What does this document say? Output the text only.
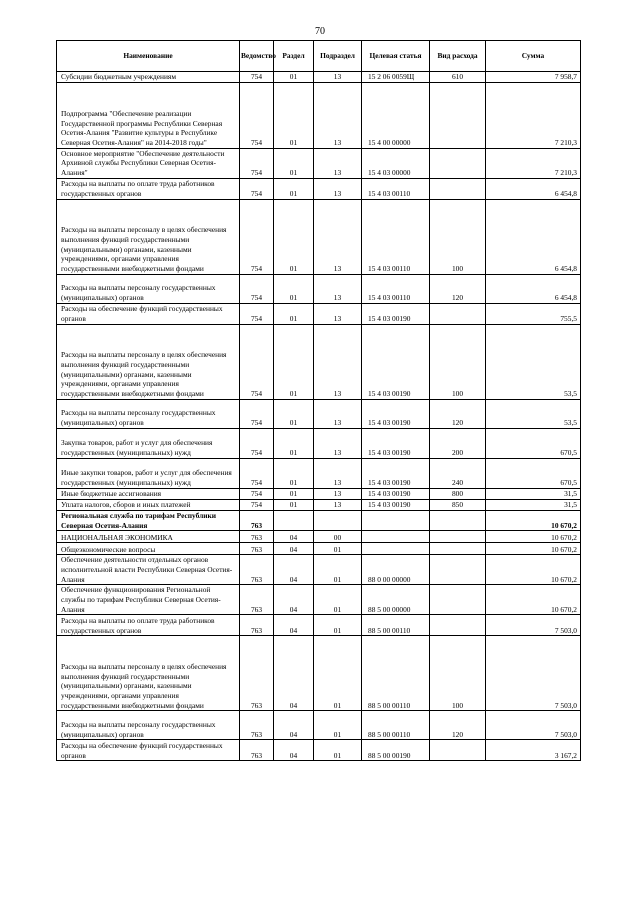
70
Наименование	Ведомство	Раздел	Подраздел	Целевая статья	Вид расхода	Сумма
Субсидии бюджетным учреждениям	754	01	13	15 2 06 0059Щ	610	7 958,7
Подпрограмма "Обеспечение реализации Государственной программы Республики Северная Осетия-Алания "Развитие культуры в Республике Северная Осетия-Алания" на 2014-2018 годы"	754	01	13	15 4 00 00000		7 210,3
Основное мероприятие "Обеспечение деятельности Архивной службы Республики Северная Осетия-Алания"	754	01	13	15 4 03 00000		7 210,3
Расходы на выплаты по оплате труда работников государственных органов	754	01	13	15 4 03 00110		6 454,8
Расходы на выплаты персоналу в целях обеспечения выполнения функций государственными (муниципальными) органами, казенными учреждениями, органами управления государственными внебюджетными фондами	754	01	13	15 4 03 00110	100	6 454,8
Расходы на выплаты персоналу государственных (муниципальных) органов	754	01	13	15 4 03 00110	120	6 454,8
Расходы на обеспечение функций государственных органов	754	01	13	15 4 03 00190		755,5
Расходы на выплаты персоналу в целях обеспечения выполнения функций государственными (муниципальными) органами, казенными учреждениями, органами управления государственными внебюджетными фондами	754	01	13	15 4 03 00190	100	53,5
Расходы на выплаты персоналу государственных (муниципальных) органов	754	01	13	15 4 03 00190	120	53,5
Закупка товаров, работ и услуг для обеспечения государственных (муниципальных) нужд	754	01	13	15 4 03 00190	200	670,5
Иные закупки товаров, работ и услуг для обеспечения государственных (муниципальных) нужд	754	01	13	15 4 03 00190	240	670,5
Иные бюджетные ассигнования	754	01	13	15 4 03 00190	800	31,5
Уплата налогов, сборов и иных платежей	754	01	13	15 4 03 00190	850	31,5
Региональная служба по тарифам Республики Северная Осетия-Алания	763					10 670,2
НАЦИОНАЛЬНАЯ ЭКОНОМИКА	763	04	00			10 670,2
Общеэкономические вопросы	763	04	01			10 670,2
Обеспечение деятельности отдельных органов исполнительной власти Республики Северная Осетия-Алания	763	04	01	88 0 00 00000		10 670,2
Обеспечение функционирования Региональной службы по тарифам Республики Северная Осетия-Алания	763	04	01	88 5 00 00000		10 670,2
Расходы на выплаты по оплате труда работников государственных органов	763	04	01	88 5 00 00110		7 503,0
Расходы на выплаты персоналу в целях обеспечения выполнения функций государственными (муниципальными) органами, казенными учреждениями, органами управления государственными внебюджетными фондами	763	04	01	88 5 00 00110	100	7 503,0
Расходы на выплаты персоналу государственных (муниципальных) органов	763	04	01	88 5 00 00110	120	7 503,0
Расходы на обеспечение функций государственных органов	763	04	01	88 5 00 00190		3 167,2
